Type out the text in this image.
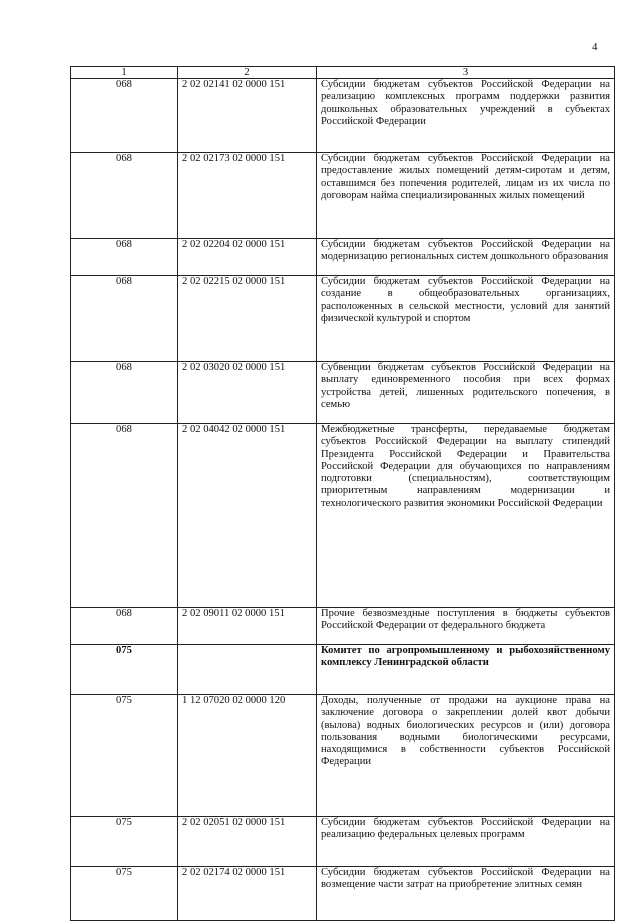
4
1	2	3
068	2 02 02141 02 0000 151	Субсидии бюджетам субъектов Российской Федерации на реализацию комплексных программ поддержки развития дошкольных образовательных учреждений в субъектах Российской Федерации
068	2 02 02173 02 0000 151	Субсидии бюджетам субъектов Российской Федерации на предоставление жилых помещений детям-сиротам и детям, оставшимся без попечения родителей, лицам из их числа по договорам найма специализированных жилых помещений
068	2 02 02204 02 0000 151	Субсидии бюджетам субъектов Российской Федерации на модернизацию региональных систем дошкольного образования
068	2 02 02215 02 0000 151	Субсидии бюджетам субъектов Российской Федерации на создание в общеобразовательных организациях, расположенных в сельской местности, условий для занятий физической культурой и спортом
068	2 02 03020 02 0000 151	Субвенции бюджетам субъектов Российской Федерации на выплату единовременного пособия при всех формах устройства детей, лишенных родительского попечения, в семью
068	2 02 04042 02 0000 151	Межбюджетные трансферты, передаваемые бюджетам субъектов Российской Федерации на выплату стипендий Президента Российской Федерации и Правительства Российской Федерации для обучающихся по направлениям подготовки (специальностям), соответствующим приоритетным направлениям модернизации и технологического развития экономики Российской Федерации
068	2 02 09011 02 0000 151	Прочие безвозмездные поступления в бюджеты субъектов Российской Федерации от федерального бюджета
075		Комитет по агропромышленному и рыбохозяйственному комплексу Ленинградской области
075	1 12 07020 02 0000 120	Доходы, полученные от продажи на аукционе права на заключение договора о закреплении долей квот добычи (вылова) водных биологических ресурсов и (или) договора пользования водными биологическими ресурсами, находящимися в собственности субъектов Российской Федерации
075	2 02 02051 02 0000 151	Субсидии бюджетам субъектов Российской Федерации на реализацию федеральных целевых программ
075	2 02 02174 02 0000 151	Субсидии бюджетам субъектов Российской Федерации на возмещение части затрат на приобретение элитных семян
